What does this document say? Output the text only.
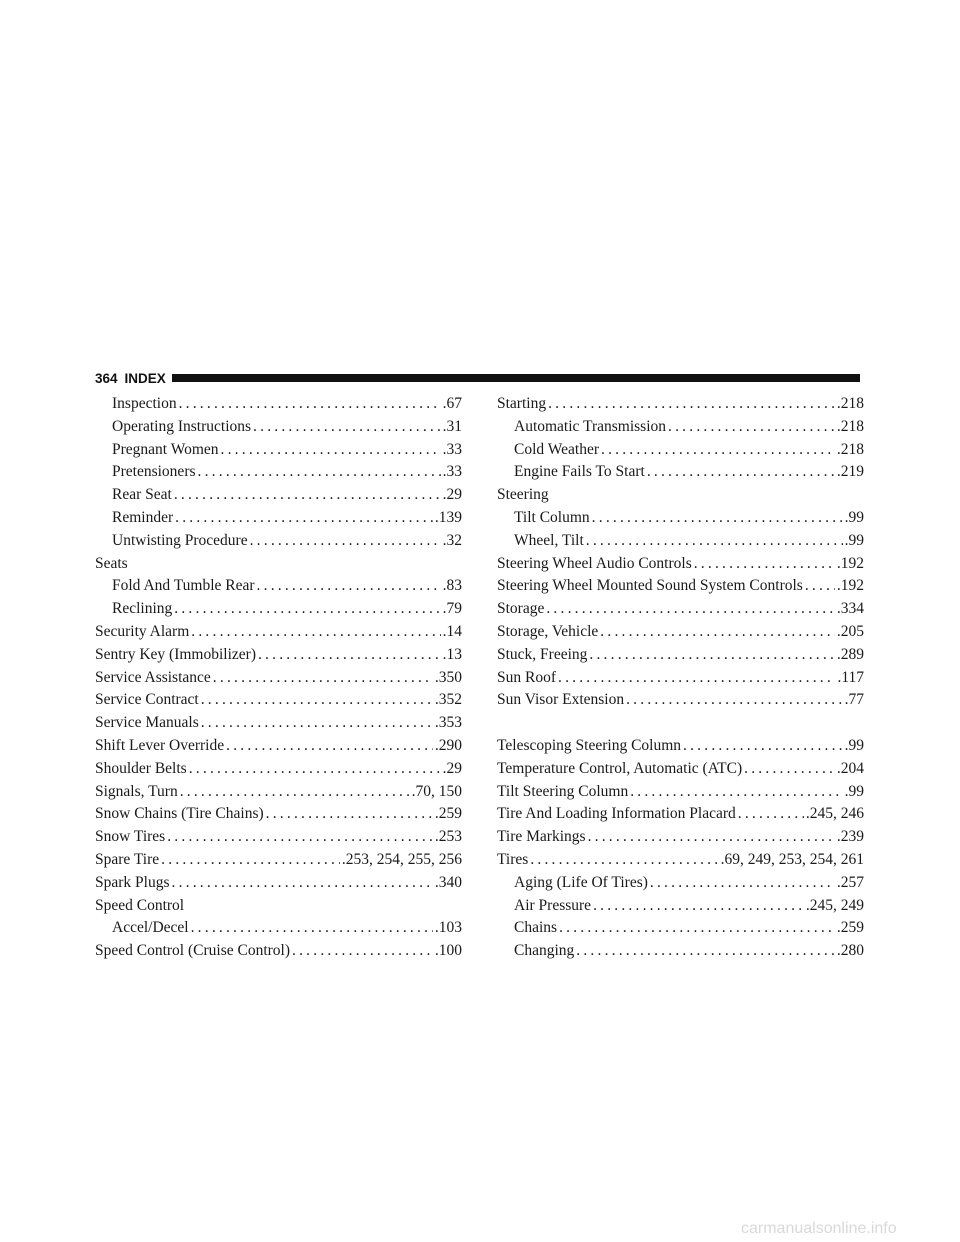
364 INDEX
Inspection .....	.67
Operating Instructions .....	.31
Pregnant Women .....	.33
Pretensioners .....	.33
Rear Seat .....	.29
Reminder .....	.139
Untwisting Procedure .....	.32
Seats
Fold And Tumble Rear .....	.83
Reclining .....	.79
Security Alarm .....	.14
Sentry Key (Immobilizer) .....	.13
Service Assistance .....	.350
Service Contract .....	.352
Service Manuals .....	.353
Shift Lever Override .....	.290
Shoulder Belts .....	.29
Signals, Turn .....	.70, 150
Snow Chains (Tire Chains) .....	.259
Snow Tires .....	.253
Spare Tire .....	.253, 254, 255, 256
Spark Plugs .....	.340
Speed Control
Accel/Decel .....	.103
Speed Control (Cruise Control) .....	.100
Starting .....	.218
Automatic Transmission .....	.218
Cold Weather .....	.218
Engine Fails To Start .....	.219
Steering
Tilt Column .....	.99
Wheel, Tilt .....	.99
Steering Wheel Audio Controls .....	.192
Steering Wheel Mounted Sound System Controls ..... .192
Storage .....	.334
Storage, Vehicle .....	.205
Stuck, Freeing .....	.289
Sun Roof .....	.117
Sun Visor Extension .....	.77
Telescoping Steering Column .....	.99
Temperature Control, Automatic (ATC) .....	.204
Tilt Steering Column .....	.99
Tire And Loading Information Placard .....	.245, 246
Tire Markings .....	.239
Tires .....	.69, 249, 253, 254, 261
Aging (Life Of Tires) .....	.257
Air Pressure .....	.245, 249
Chains .....	.259
Changing .....	.280
carmanualsonline.info
